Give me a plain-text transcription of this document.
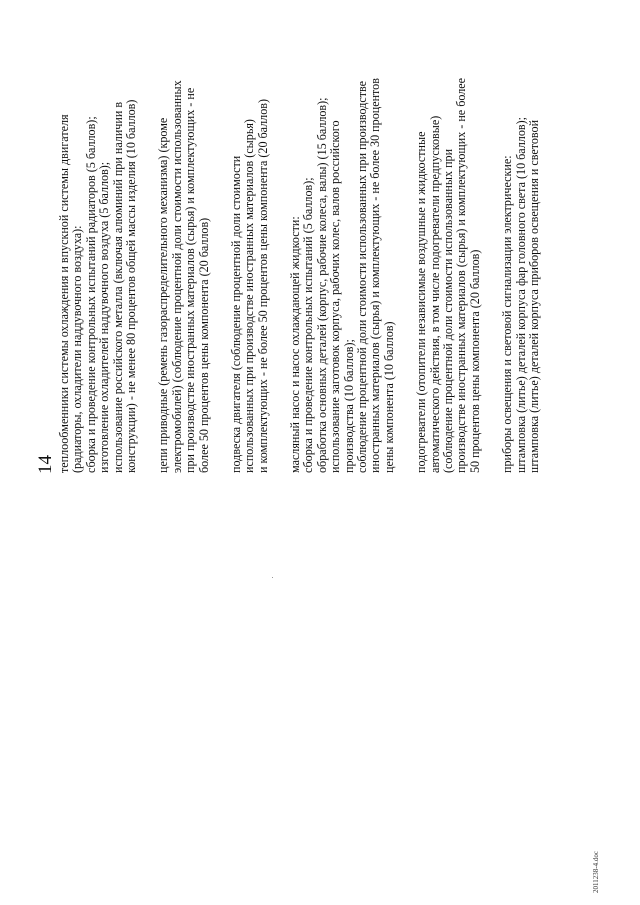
14 теплообменники системы охлаждения и впускной системы двигателя (радиаторы, охладители наддувочного воздуха): сборка и проведение контрольных испытаний радиаторов (5 баллов); изготовление охладителей наддувочного воздуха (5 баллов); использование российского металла (включая алюминий при наличии в конструкции) - не менее 80 процентов общей массы изделия (10 баллов) цепи приводные (ремень газораспределительного механизма) (кроме электромобилей) (соблюдение процентной доли стоимости использованных при производстве иностранных материалов (сырья) и комплектующих - не более 50 процентов цены компонента (20 баллов) подвеска двигателя (соблюдение процентной доли стоимости использованных при производстве иностранных материалов (сырья) и комплектующих - не более 50 процентов цены компонента (20 баллов) масляный насос и насос охлаждающей жидкости: сборка и проведение контрольных испытаний (5 баллов); обработка основных деталей (корпус, рабочие колеса, валы) (15 баллов); использование заготовок корпуса, рабочих колес, валов российского производства (10 баллов); соблюдение процентной доли стоимости использованных при производстве иностранных материалов (сырья) и комплектующих - не более 30 процентов цены компонента (10 баллов) подогреватели (отопители независимые воздушные и жидкостные автоматического действия, в том числе подогреватели предпусковые) (соблюдение процентной доли стоимости использованных при производстве иностранных материалов (сырья) и комплектующих - не более 50 процентов цены компонента (20 баллов) приборы освещения и световой сигнализации электрические: штамповка (литье) деталей корпуса фар головного света (10 баллов); штамповка (литье) деталей корпуса приборов освещения и световой
2011238-4.doc
